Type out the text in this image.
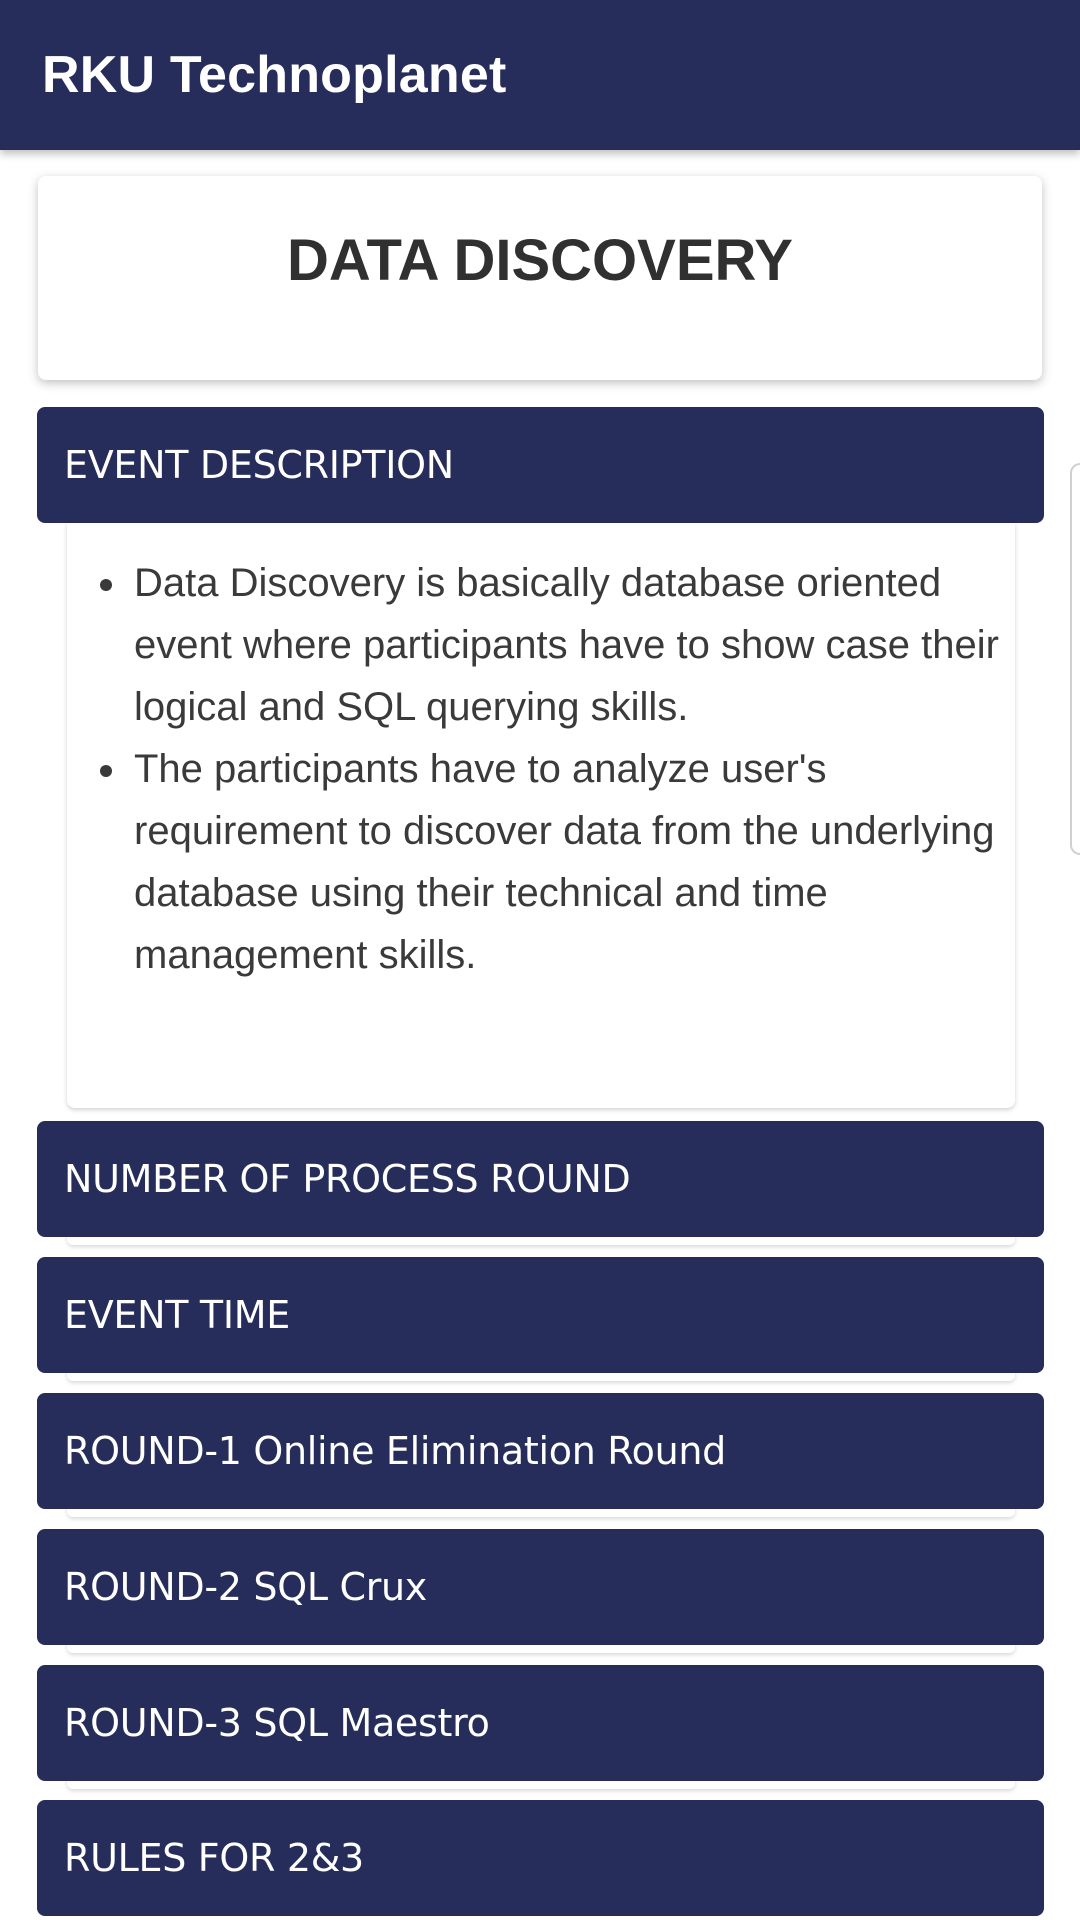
RKU Technoplanet
DATA DISCOVERY
EVENT DESCRIPTION
Data Discovery is basically database oriented event where participants have to show case their logical and SQL querying skills.
The participants have to analyze user's requirement to discover data from the underlying database using their technical and time management skills.
NUMBER OF PROCESS ROUND
EVENT TIME
ROUND-1 Online Elimination Round
ROUND-2 SQL Crux
ROUND-3 SQL Maestro
RULES FOR 2&3
